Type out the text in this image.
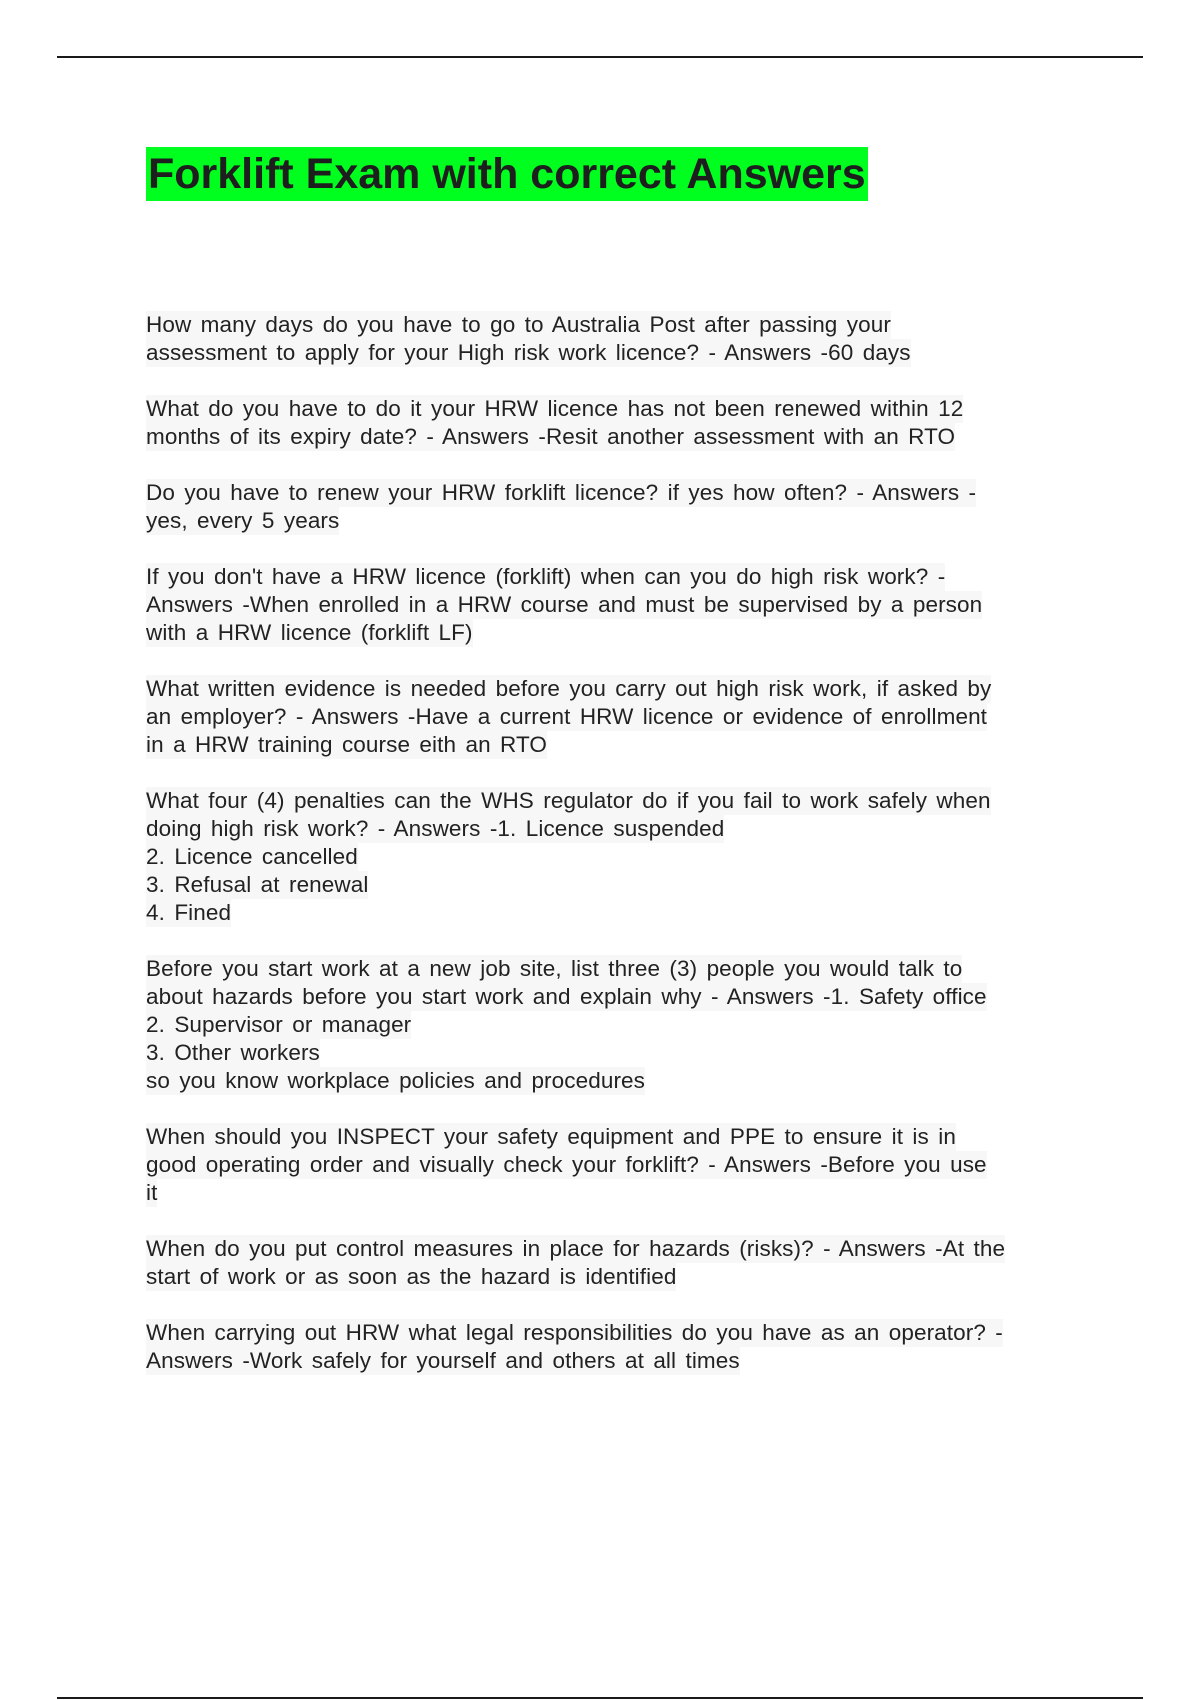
Forklift Exam with correct Answers
How many days do you have to go to Australia Post after passing your
assessment to apply for your High risk work licence? - Answers -60 days
What do you have to do it your HRW licence has not been renewed within 12
months of its expiry date? - Answers -Resit another assessment with an RTO
Do you have to renew your HRW forklift licence? if yes how often? - Answers -
yes, every 5 years
If you don't have a HRW licence (forklift) when can you do high risk work? -
Answers -When enrolled in a HRW course and must be supervised by a person
with a HRW licence (forklift LF)
What written evidence is needed before you carry out high risk work, if asked by
an employer? - Answers -Have a current HRW licence or evidence of enrollment
in a HRW training course eith an RTO
What four (4) penalties can the WHS regulator do if you fail to work safely when
doing high risk work? - Answers -1. Licence suspended
2. Licence cancelled
3. Refusal at renewal
4. Fined
Before you start work at a new job site, list three (3) people you would talk to
about hazards before you start work and explain why - Answers -1. Safety office
2. Supervisor or manager
3. Other workers
so you know workplace policies and procedures
When should you INSPECT your safety equipment and PPE to ensure it is in
good operating order and visually check your forklift? - Answers -Before you use
it
When do you put control measures in place for hazards (risks)? - Answers -At the
start of work or as soon as the hazard is identified
When carrying out HRW what legal responsibilities do you have as an operator? -
Answers -Work safely for yourself and others at all times
